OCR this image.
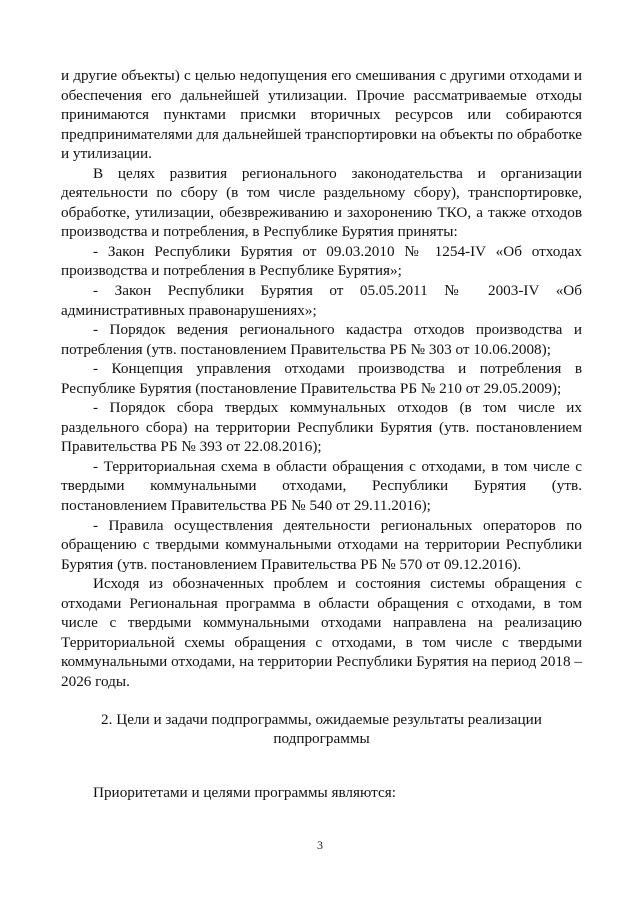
и другие объекты) с целью недопущения его смешивания с другими отходами и обеспечения его дальнейшей утилизации. Прочие рассматриваемые отходы принимаются пунктами присмки вторичных ресурсов или собираются предпринимателями для дальнейшей транспортировки на объекты по обработке и утилизации.

В целях развития регионального законодательства и организации деятельности по сбору (в том числе раздельному сбору), транспортировке, обработке, утилизации, обезвреживанию и захоронению ТКО, а также отходов производства и потребления, в Республике Бурятия приняты:

- Закон Республики Бурятия от 09.03.2010 № 1254-IV «Об отходах производства и потребления в Республике Бурятия»;

- Закон Республики Бурятия от 05.05.2011 № 2003-IV «Об административных правонарушениях»;

- Порядок ведения регионального кадастра отходов производства и потребления (утв. постановлением Правительства РБ № 303 от 10.06.2008);

- Концепция управления отходами производства и потребления в Республике Бурятия (постановление Правительства РБ № 210 от 29.05.2009);

- Порядок сбора твердых коммунальных отходов (в том числе их раздельного сбора) на территории Республики Бурятия (утв. постановлением Правительства РБ № 393 от 22.08.2016);

- Территориальная схема в области обращения с отходами, в том числе с твердыми коммунальными отходами, Республики Бурятия (утв. постановлением Правительства РБ № 540 от 29.11.2016);

- Правила осуществления деятельности региональных операторов по обращению с твердыми коммунальными отходами на территории Республики Бурятия (утв. постановлением Правительства РБ № 570 от 09.12.2016).

Исходя из обозначенных проблем и состояния системы обращения с отходами Региональная программа в области обращения с отходами, в том числе с твердыми коммунальными отходами направлена на реализацию Территориальной схемы обращения с отходами, в том числе с твердыми коммунальными отходами, на территории Республики Бурятия на период 2018 – 2026 годы.

2. Цели и задачи подпрограммы, ожидаемые результаты реализации подпрограммы

Приоритетами и целями программы являются:

3
